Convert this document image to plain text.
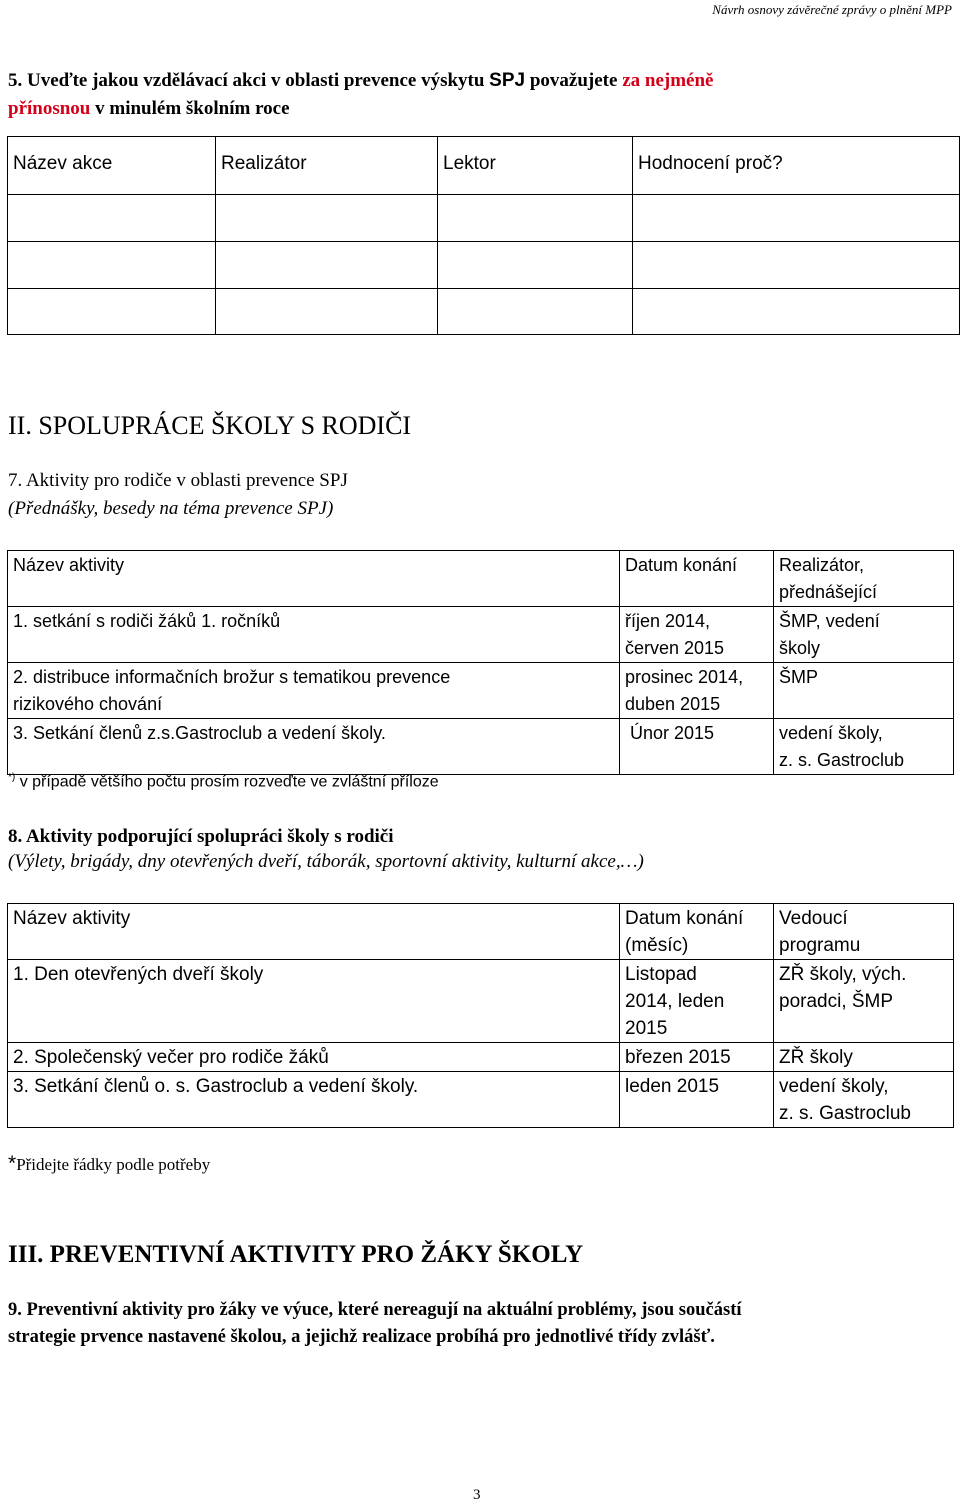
Návrh osnovy závěrečné zprávy o plnění MPP
5. Uveďte jakou vzdělávací akci v oblasti prevence výskytu SPJ považujete za nejméně
přínosnou v minulém školním roce
Název akce	Realizátor	Lektor	Hodnocení proč?

II. SPOLUPRÁCE ŠKOLY S RODIČI
7. Aktivity pro rodiče v oblasti prevence SPJ
(Přednášky, besedy na téma prevence SPJ)
Název aktivity	Datum konání	Realizátor,
přednášející

1. setkání s rodiči žáků 1. ročníků	říjen 2014,
červen 2015	ŠMP, vedení
školy

2. distribuce informačních brožur s tematikou prevence
rizikového chování	prosinec 2014,
duben 2015	ŠMP

3. Setkání členů z.s.Gastroclub a vedení školy.	Únor 2015	vedení školy,
z. s. Gastroclub
*) v případě většího počtu prosím rozveďte ve zvláštní příloze
8. Aktivity podporující spolupráci školy s rodiči
(Výlety, brigády, dny otevřených dveří, táborák, sportovní aktivity, kulturní akce,…)
Název aktivity	Datum konání
(měsíc)	Vedoucí
programu

1. Den otevřených dveří školy	Listopad
2014, leden
2015	ZŘ školy, vých.
poradci, ŠMP

2. Společenský večer pro rodiče žáků	březen 2015	ZŘ školy
3. Setkání členů o. s. Gastroclub a vedení školy.	leden 2015	vedení školy,
z. s. Gastroclub
*Přidejte řádky podle potřeby
III. PREVENTIVNÍ AKTIVITY PRO ŽÁKY ŠKOLY
9. Preventivní aktivity pro žáky ve výuce, které nereagují na aktuální problémy, jsou součástí
strategie prvence nastavené školou, a jejichž realizace probíhá pro jednotlivé třídy zvlášť.
3
